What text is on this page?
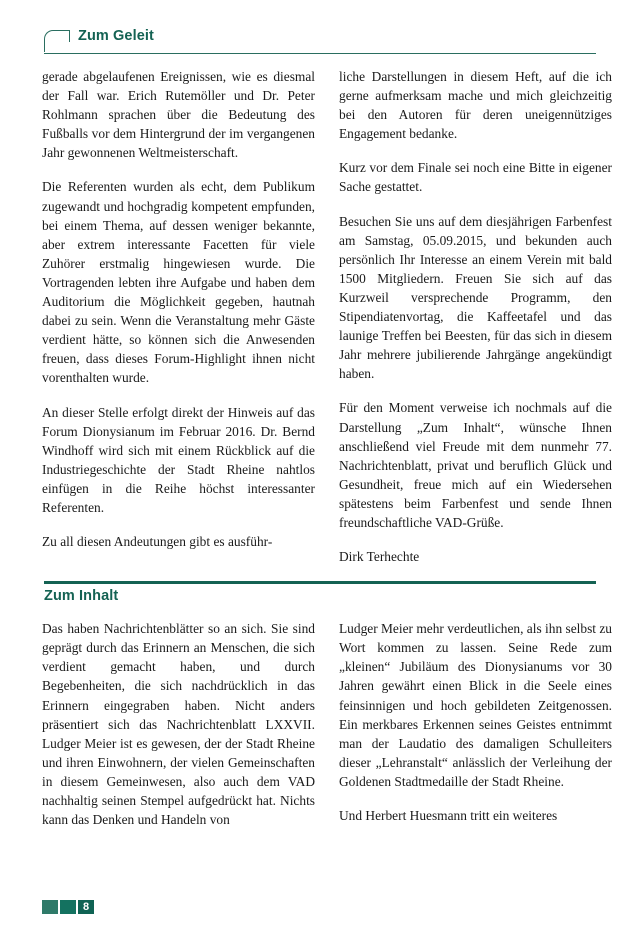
Zum Geleit

gerade abgelaufenen Ereignissen, wie es diesmal der Fall war. Erich Rutemöller und Dr. Peter Rohlmann sprachen über die Bedeutung des Fußballs vor dem Hintergrund der im vergangenen Jahr gewonnenen Weltmeisterschaft.

Die Referenten wurden als echt, dem Publikum zugewandt und hochgradig kompetent empfunden, bei einem Thema, auf dessen weniger bekannte, aber extrem interessante Facetten für viele Zuhörer erstmalig hingewiesen wurde. Die Vortragenden lebten ihre Aufgabe und haben dem Auditorium die Möglichkeit gegeben, hautnah dabei zu sein. Wenn die Veranstaltung mehr Gäste verdient hätte, so können sich die Anwesenden freuen, dass dieses Forum-Highlight ihnen nicht vorenthalten wurde.

An dieser Stelle erfolgt direkt der Hinweis auf das Forum Dionysianum im Februar 2016. Dr. Bernd Windhoff wird sich mit einem Rückblick auf die Industriegeschichte der Stadt Rheine nahtlos einfügen in die Reihe höchst interessanter Referenten.

Zu all diesen Andeutungen gibt es ausführ-

liche Darstellungen in diesem Heft, auf die ich gerne aufmerksam mache und mich gleichzeitig bei den Autoren für deren uneigennütziges Engagement bedanke.

Kurz vor dem Finale sei noch eine Bitte in eigener Sache gestattet.

Besuchen Sie uns auf dem diesjährigen Farbenfest am Samstag, 05.09.2015, und bekunden auch persönlich Ihr Interesse an einem Verein mit bald 1500 Mitgliedern. Freuen Sie sich auf das Kurzweil versprechende Programm, den Stipendiatenvortag, die Kaffeetafel und das launige Treffen bei Beesten, für das sich in diesem Jahr mehrere jubilierende Jahrgänge angekündigt haben.

Für den Moment verweise ich nochmals auf die Darstellung „Zum Inhalt“, wünsche Ihnen anschließend viel Freude mit dem nunmehr 77. Nachrichtenblatt, privat und beruflich Glück und Gesundheit, freue mich auf ein Wiedersehen spätestens beim Farbenfest und sende Ihnen freundschaftliche VAD-Grüße.

Dirk Terhechte

Zum Inhalt

Das haben Nachrichtenblätter so an sich. Sie sind geprägt durch das Erinnern an Menschen, die sich verdient gemacht haben, und durch Begebenheiten, die sich nachdrücklich in das Erinnern eingegraben haben. Nicht anders präsentiert sich das Nachrichtenblatt LXXVII. Ludger Meier ist es gewesen, der der Stadt Rheine und ihren Einwohnern, der vielen Gemeinschaften in diesem Gemeinwesen, also auch dem VAD nachhaltig seinen Stempel aufgedrückt hat. Nichts kann das Denken und Handeln von

Ludger Meier mehr verdeutlichen, als ihn selbst zu Wort kommen zu lassen. Seine Rede zum „kleinen“ Jubiläum des Dionysianums vor 30 Jahren gewährt einen Blick in die Seele eines feinsinnigen und hoch gebildeten Zeitgenossen. Ein merkbares Erkennen seines Geistes entnimmt man der Laudatio des damaligen Schulleiters dieser „Lehranstalt“ anlässlich der Verleihung der Goldenen Stadtmedaille der Stadt Rheine.

Und Herbert Huesmann tritt ein weiteres

8
